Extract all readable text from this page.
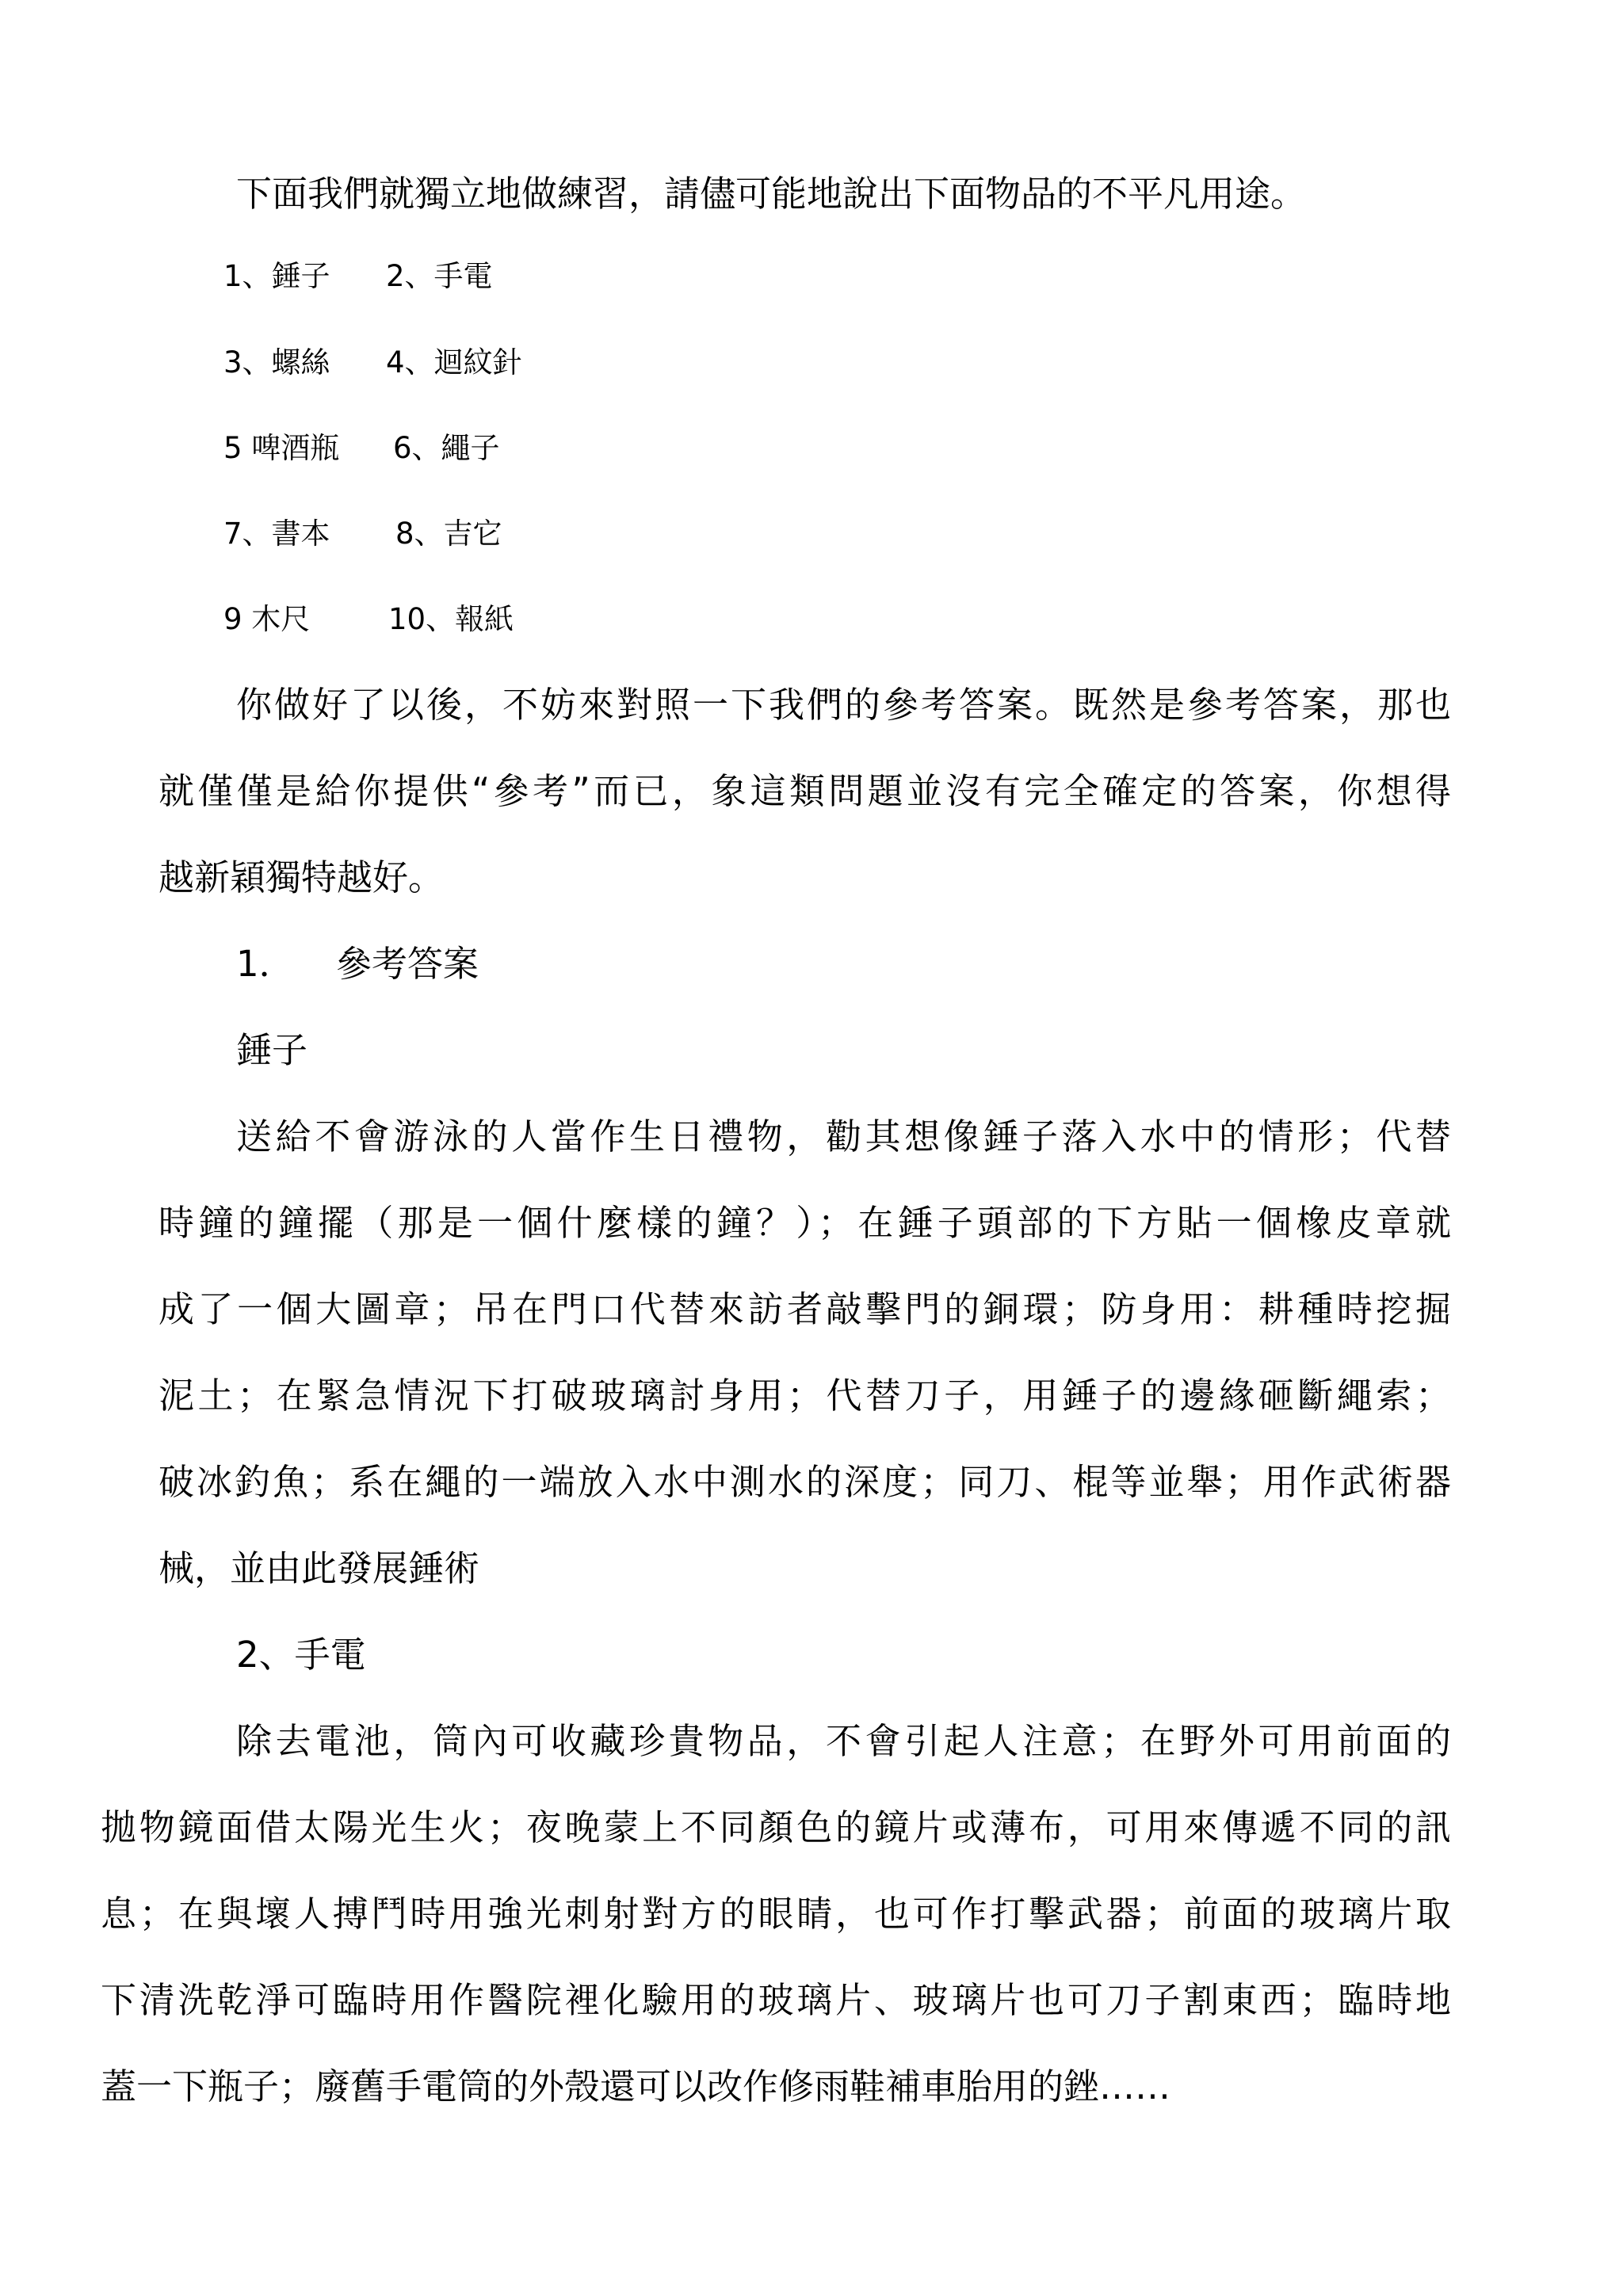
下面我們就獨立地做練習，請儘可能地說出下面物品的不平凡用途。
1、錘子 2、手電
3、螺絲 4、迴紋針
5 啤酒瓶 6、繩子
7、書本 8、吉它
9 木尺	10、報紙
你做好了以後，不妨來對照一下我們的參考答案。既然是參考答案，那也
就僅僅是給你提供“參考”而已，象這類問題並沒有完全確定的答案，你想得
越新穎獨特越好。
1． 參考答案
錘子
送給不會游泳的人當作生日禮物，勸其想像錘子落入水中的情形；代替
時鐘的鐘擺（那是一個什麼樣的鐘？）；在錘子頭部的下方貼一個橡皮章就
成了一個大圖章；吊在門口代替來訪者敲擊門的銅環；防身用：耕種時挖掘
泥土；在緊急情況下打破玻璃討身用；代替刀子，用錘子的邊緣砸斷繩索；
破冰釣魚；系在繩的一端放入水中測水的深度；同刀、棍等並舉；用作武術器
械，並由此發展錘術
2、手電
除去電池，筒內可收藏珍貴物品，不會引起人注意；在野外可用前面的
拋物鏡面借太陽光生火；夜晚蒙上不同顏色的鏡片或薄布，可用來傳遞不同的訊
息；在與壞人搏鬥時用強光刺射對方的眼睛，也可作打擊武器；前面的玻璃片取
下清洗乾淨可臨時用作醫院裡化驗用的玻璃片、玻璃片也可刀子割東西；臨時地
蓋一下瓶子；廢舊手電筒的外殼還可以改作修雨鞋補車胎用的銼……
